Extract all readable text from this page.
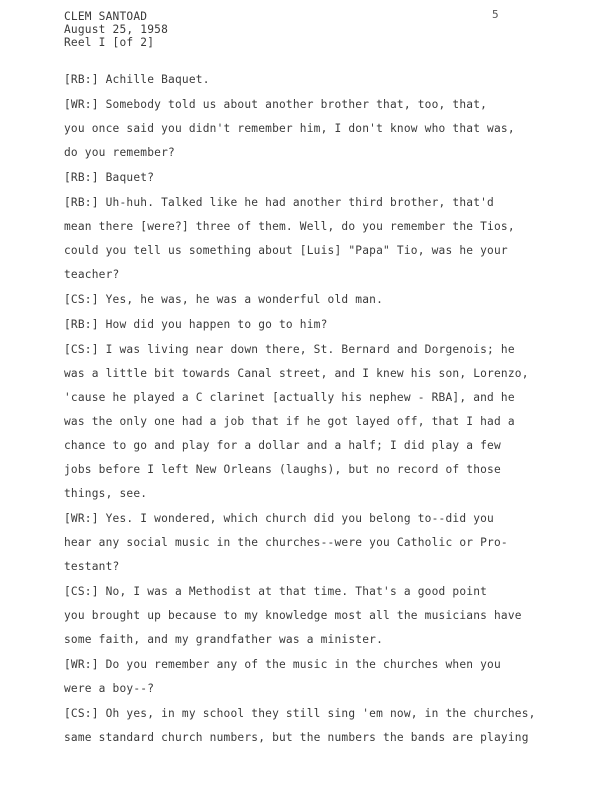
5
CLEM SANTOAD
August 25, 1958
Reel I [of 2]

[RB:] Achille Baquet.

[WR:] Somebody told us about another brother that, too, that,
you once said you didn't remember him, I don't know who that was,
do you remember?

[RB:] Baquet?

[RB:] Uh-huh. Talked like he had another third brother, that'd
mean there [were?] three of them. Well, do you remember the Tios,
could you tell us something about [Luis] "Papa" Tio, was he your
teacher?

[CS:] Yes, he was, he was a wonderful old man.

[RB:] How did you happen to go to him?

[CS:] I was living near down there, St. Bernard and Dorgenois; he
was a little bit towards Canal street, and I knew his son, Lorenzo,
'cause he played a C clarinet [actually his nephew - RBA], and he
was the only one had a job that if he got layed off, that I had a
chance to go and play for a dollar and a half; I did play a few
jobs before I left New Orleans (laughs), but no record of those
things, see.

[WR:] Yes. I wondered, which church did you belong to--did you
hear any social music in the churches--were you Catholic or Pro-
testant?

[CS:] No, I was a Methodist at that time. That's a good point
you brought up because to my knowledge most all the musicians have
some faith, and my grandfather was a minister.

[WR:] Do you remember any of the music in the churches when you
were a boy--?

[CS:] Oh yes, in my school they still sing 'em now, in the churches,
same standard church numbers, but the numbers the bands are playing
